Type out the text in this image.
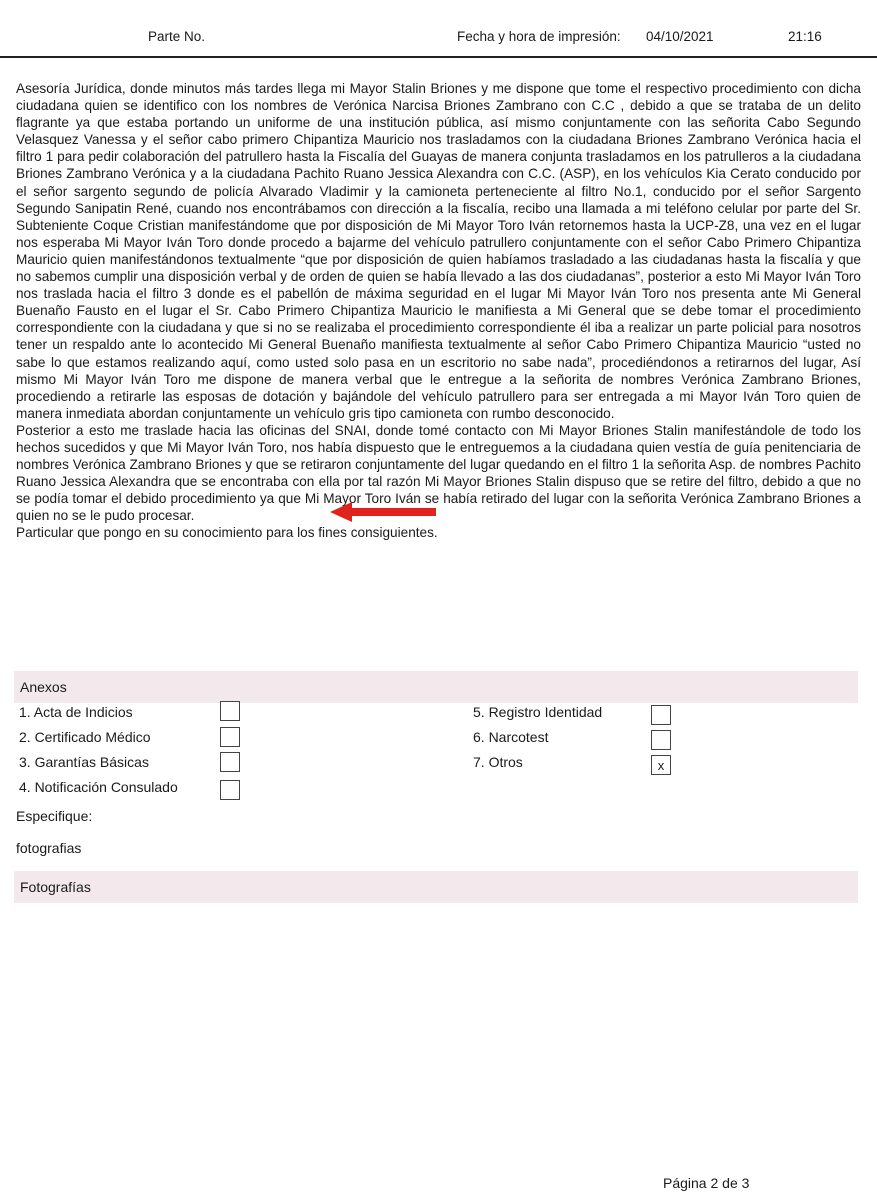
Parte No.	Fecha y hora de impresión: 04/10/2021	21:16

Asesoría Jurídica, donde minutos más tardes llega mi Mayor Stalin Briones y me dispone que tome el respectivo procedimiento con dicha ciudadana quien se identifico con los nombres de Verónica Narcisa Briones Zambrano con C.C , debido a que se trataba de un delito flagrante ya que estaba portando un uniforme de una institución pública, así mismo conjuntamente con las señorita Cabo Segundo Velasquez Vanessa y el señor cabo primero Chipantiza Mauricio nos trasladamos con la ciudadana Briones Zambrano Verónica hacia el filtro 1 para pedir colaboración del patrullero hasta la Fiscalía del Guayas de manera conjunta trasladamos en los patrulleros a la ciudadana Briones Zambrano Verónica y a la ciudadana Pachito Ruano Jessica Alexandra con C.C. (ASP), en los vehículos Kia Cerato conducido por el señor sargento segundo de policía Alvarado Vladimir y la camioneta perteneciente al filtro No.1, conducido por el señor Sargento Segundo Sanipatin René, cuando nos encontrábamos con dirección a la fiscalía, recibo una llamada a mi teléfono celular por parte del Sr. Subteniente Coque Cristian manifestándome que por disposición de Mi Mayor Toro Iván retornemos hasta la UCP-Z8, una vez en el lugar nos esperaba Mi Mayor Iván Toro donde procedo a bajarme del vehículo patrullero conjuntamente con el señor Cabo Primero Chipantiza Mauricio quien manifestándonos textualmente “que por disposición de quien habíamos trasladado a las ciudadanas hasta la fiscalía y que no sabemos cumplir una disposición verbal y de orden de quien se había llevado a las dos ciudadanas”, posterior a esto Mi Mayor Iván Toro nos traslada hacia el filtro 3 donde es el pabellón de máxima seguridad en el lugar Mi Mayor Iván Toro nos presenta ante Mi General Buenaño Fausto en el lugar el Sr. Cabo Primero Chipantiza Mauricio le manifiesta a Mi General que se debe tomar el procedimiento correspondiente con la ciudadana y que si no se realizaba el procedimiento correspondiente él iba a realizar un parte policial para nosotros tener un respaldo ante lo acontecido Mi General Buenaño manifiesta textualmente al señor Cabo Primero Chipantiza Mauricio “usted no sabe lo que estamos realizando aquí, como usted solo pasa en un escritorio no sabe nada”, procediéndonos a retirarnos del lugar, Así mismo Mi Mayor Iván Toro me dispone de manera verbal que le entregue a la señorita de nombres Verónica Zambrano Briones, procediendo a retirarle las esposas de dotación y bajándole del vehículo patrullero para ser entregada a mi Mayor Iván Toro quien de manera inmediata abordan conjuntamente un vehículo gris tipo camioneta con rumbo desconocido.

Posterior a esto me traslade hacia las oficinas del SNAI, donde tomé contacto con Mi Mayor Briones Stalin manifestándole de todo los hechos sucedidos y que Mi Mayor Iván Toro, nos había dispuesto que le entreguemos a la ciudadana quien vestía de guía penitenciaria de nombres Verónica Zambrano Briones y que se retiraron conjuntamente del lugar quedando en el filtro 1 la señorita Asp. de nombres Pachito Ruano Jessica Alexandra que se encontraba con ella por tal razón Mi Mayor Briones Stalin dispuso que se retire del filtro, debido a que no se podía tomar el debido procedimiento ya que Mi Mayor Toro Iván se había retirado del lugar con la señorita Verónica Zambrano Briones a quien no se le pudo procesar.

Particular que pongo en su conocimiento para los fines consiguientes.

Anexos
1. Acta de Indicios
2. Certificado Médico
3. Garantías Básicas
4. Notificación Consulado
5. Registro Identidad
6. Narcotest
7. Otros	x
Especifique:
fotografias
Fotografías
Página 2 de 3
